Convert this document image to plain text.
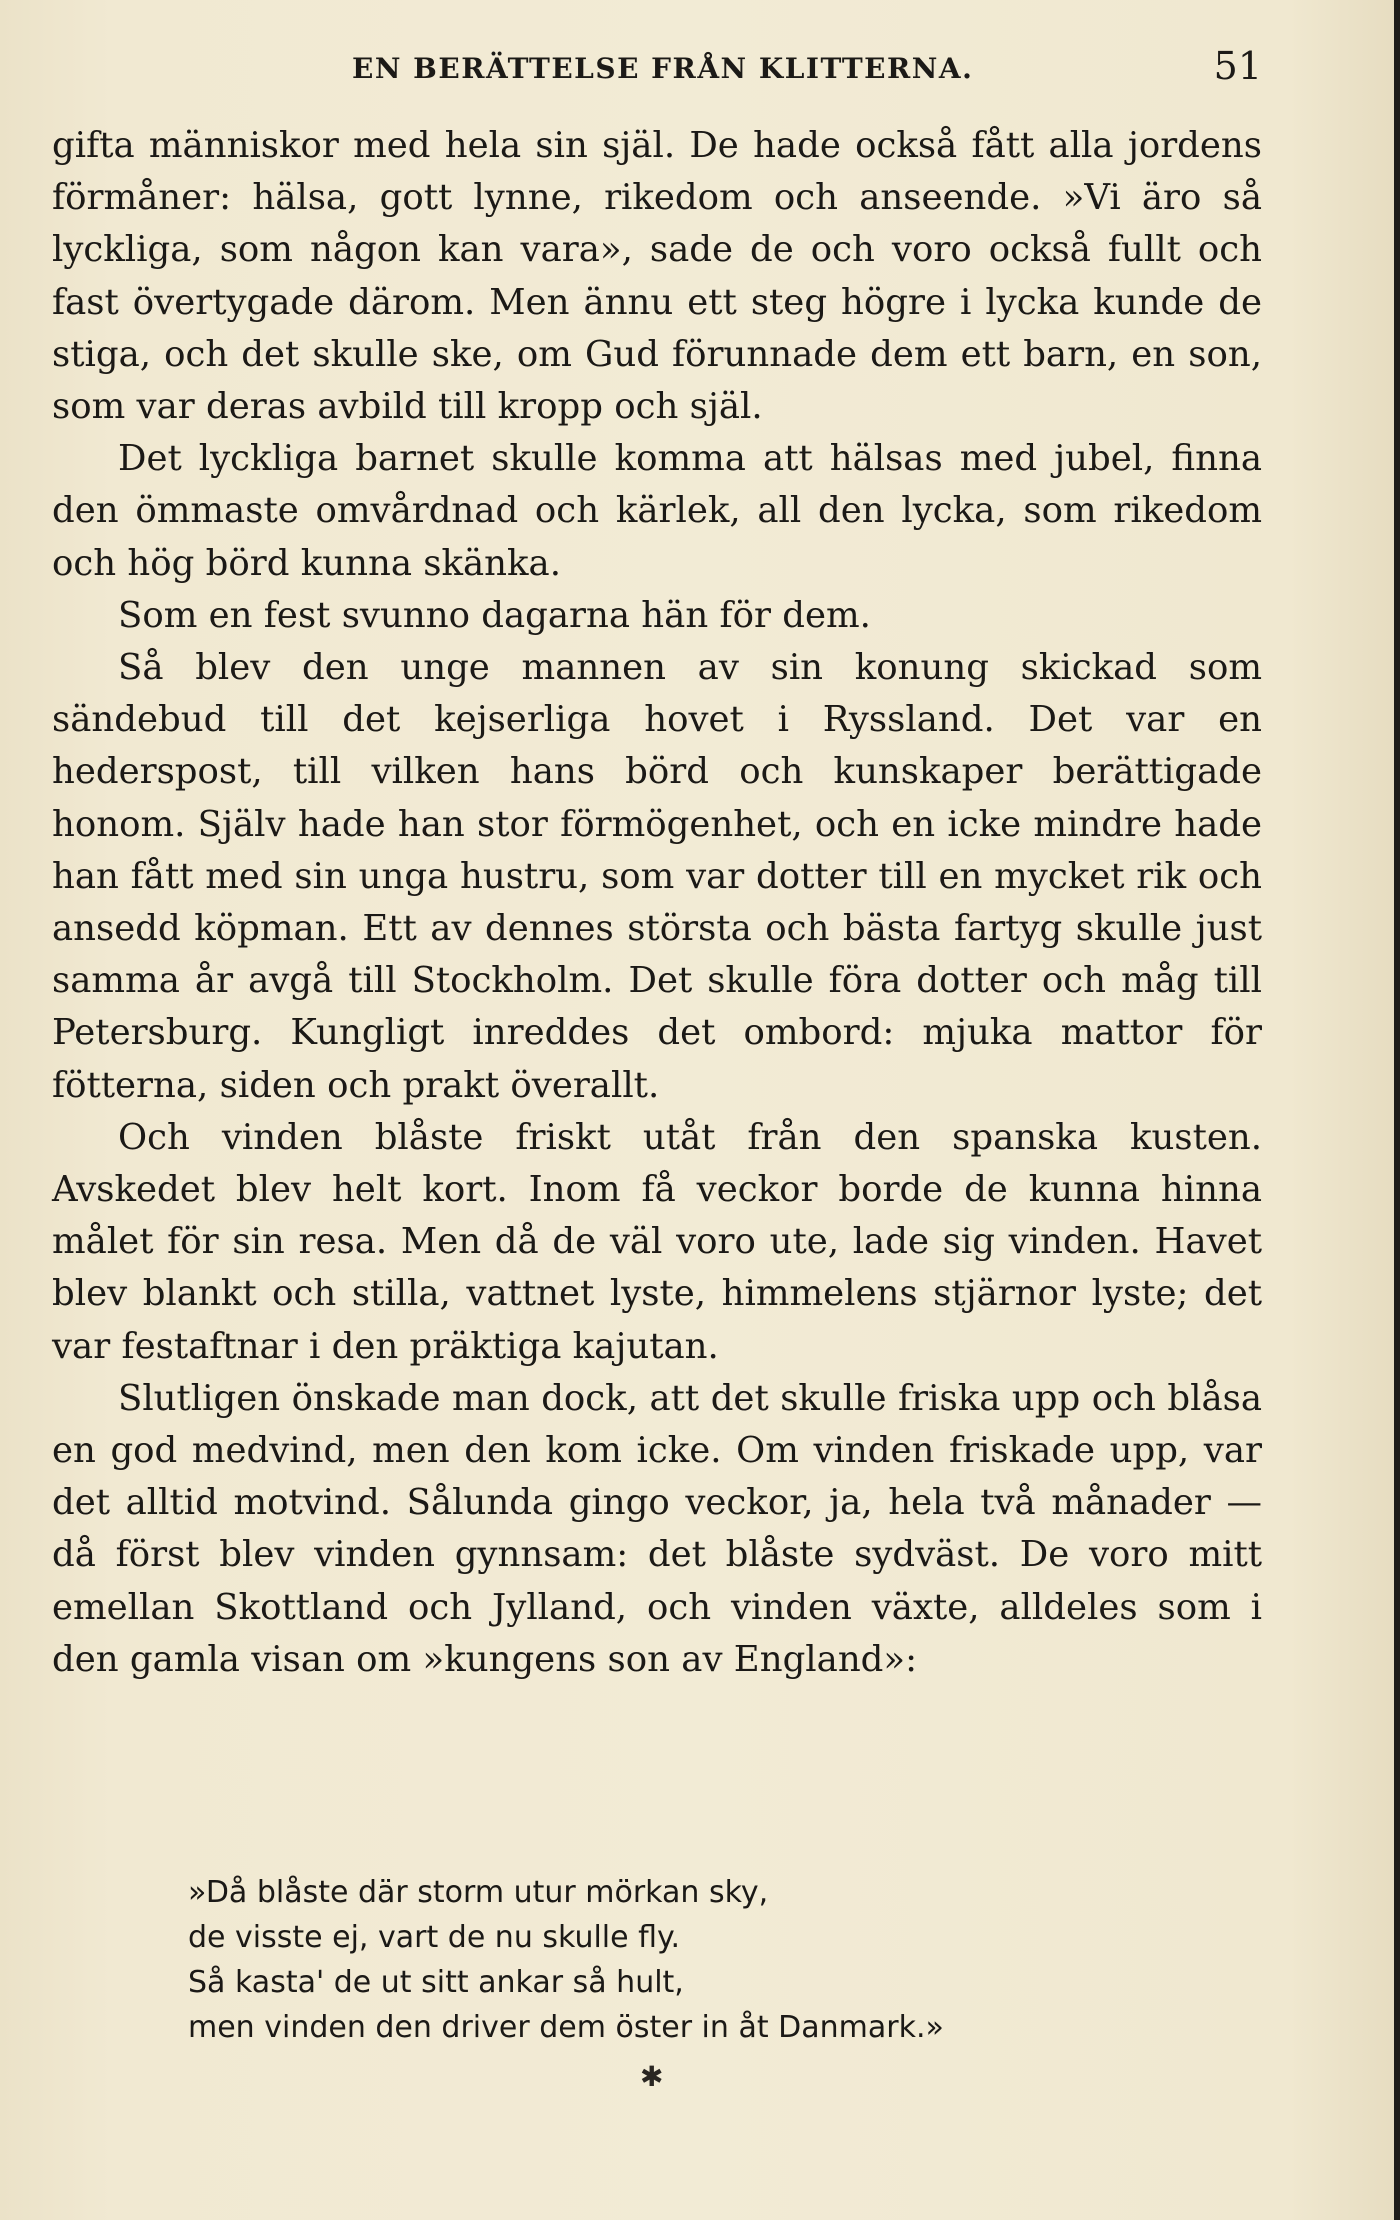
EN BERÄTTELSE FRÅN KLITTERNA.	51

gifta människor med hela sin själ. De hade också fått alla jordens förmåner: hälsa, gott lynne, rikedom och anseende. »Vi äro så lyckliga, som någon kan vara», sade de och voro också fullt och fast övertygade därom. Men ännu ett steg högre i lycka kunde de stiga, och det skulle ske, om Gud förunnade dem ett barn, en son, som var deras avbild till kropp och själ.

Det lyckliga barnet skulle komma att hälsas med jubel, finna den ömmaste omvårdnad och kärlek, all den lycka, som rikedom och hög börd kunna skänka.

Som en fest svunno dagarna hän för dem.

Så blev den unge mannen av sin konung skickad som sändebud till det kejserliga hovet i Ryssland. Det var en hederspost, till vilken hans börd och kunskaper berättigade honom. Själv hade han stor förmögenhet, och en icke mindre hade han fått med sin unga hustru, som var dotter till en mycket rik och ansedd köpman. Ett av dennes största och bästa fartyg skulle just samma år avgå till Stockholm. Det skulle föra dotter och måg till Petersburg. Kungligt inreddes det ombord: mjuka mattor för fötterna, siden och prakt överallt.

Och vinden blåste friskt utåt från den spanska kusten. Avskedet blev helt kort. Inom få veckor borde de kunna hinna målet för sin resa. Men då de väl voro ute, lade sig vinden. Havet blev blankt och stilla, vattnet lyste, himmelens stjärnor lyste; det var festaftnar i den präktiga kajutan.

Slutligen önskade man dock, att det skulle friska upp och blåsa en god medvind, men den kom icke. Om vinden friskade upp, var det alltid motvind. Sålunda gingo veckor, ja, hela två månader — då först blev vinden gynnsam: det blåste sydväst. De voro mitt emellan Skottland och Jylland, och vinden växte, alldeles som i den gamla visan om »kungens son av England»:

»Då blåste där storm utur mörkan sky,
de visste ej, vart de nu skulle fly.
Så kasta' de ut sitt ankar så hult,
men vinden den driver dem öster in åt Danmark.»
✱
